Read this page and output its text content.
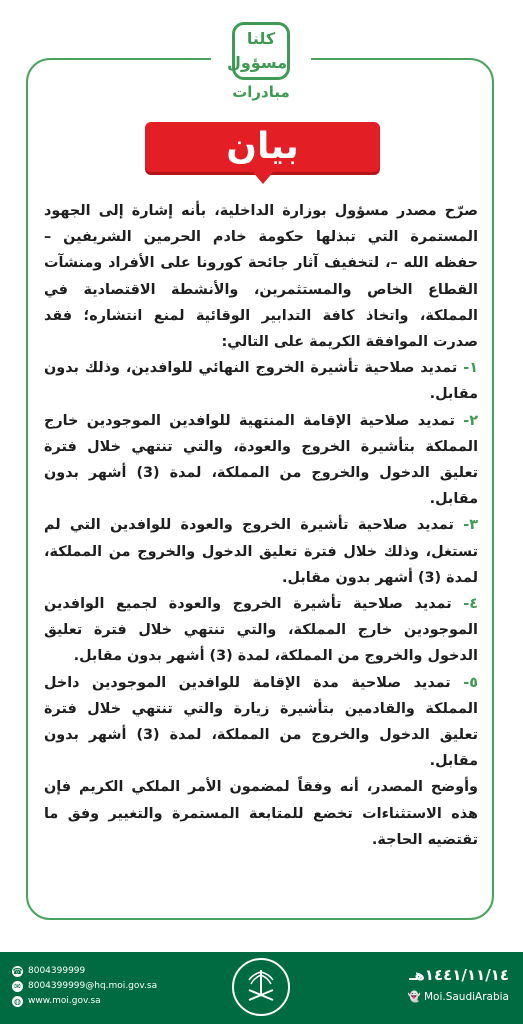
كلنا
مسؤول
مبادرات
بيان

صرّح مصدر مسؤول بوزارة الداخلية، بأنه إشارة إلى الجهود المستمرة التي تبذلها حكومة خادم الحرمين الشريفين – حفظه الله –، لتخفيف آثار جائحة كورونا على الأفراد ومنشآت القطاع الخاص والمستثمرين، والأنشطة الاقتصادية في المملكة، واتخاذ كافة التدابير الوقائية لمنع انتشاره؛ فقد صدرت الموافقة الكريمة على التالي:

١- تمديد صلاحية تأشيرة الخروج النهائي للوافدين، وذلك بدون مقابل.

٢- تمديد صلاحية الإقامة المنتهية للوافدين الموجودين خارج المملكة بتأشيرة الخروج والعودة، والتي تنتهي خلال فترة تعليق الدخول والخروج من المملكة، لمدة (3) أشهر بدون مقابل.

٣- تمديد صلاحية تأشيرة الخروج والعودة للوافدين التي لم تستغل، وذلك خلال فترة تعليق الدخول والخروج من المملكة، لمدة (3) أشهر بدون مقابل.

٤- تمديد صلاحية تأشيرة الخروج والعودة لجميع الوافدين الموجودين خارج المملكة، والتي تنتهي خلال فترة تعليق الدخول والخروج من المملكة، لمدة (3) أشهر بدون مقابل.

٥- تمديد صلاحية مدة الإقامة للوافدين الموجودين داخل المملكة والقادمين بتأشيرة زيارة والتي تنتهي خلال فترة تعليق الدخول والخروج من المملكة، لمدة (3) أشهر بدون مقابل.

وأوضح المصدر، أنه وفقاً لمضمون الأمر الملكي الكريم فإن هذه الاستثناءات تخضع للمتابعة المستمرة والتغيير وفق ما تقتضيه الحاجة.

١٤٤١/١١/١٤هـ
👻 Moi.SaudiArabia
☎ 8004399999
✉ 8004399999@hq.moi.gov.sa
◍ www.moi.gov.sa
